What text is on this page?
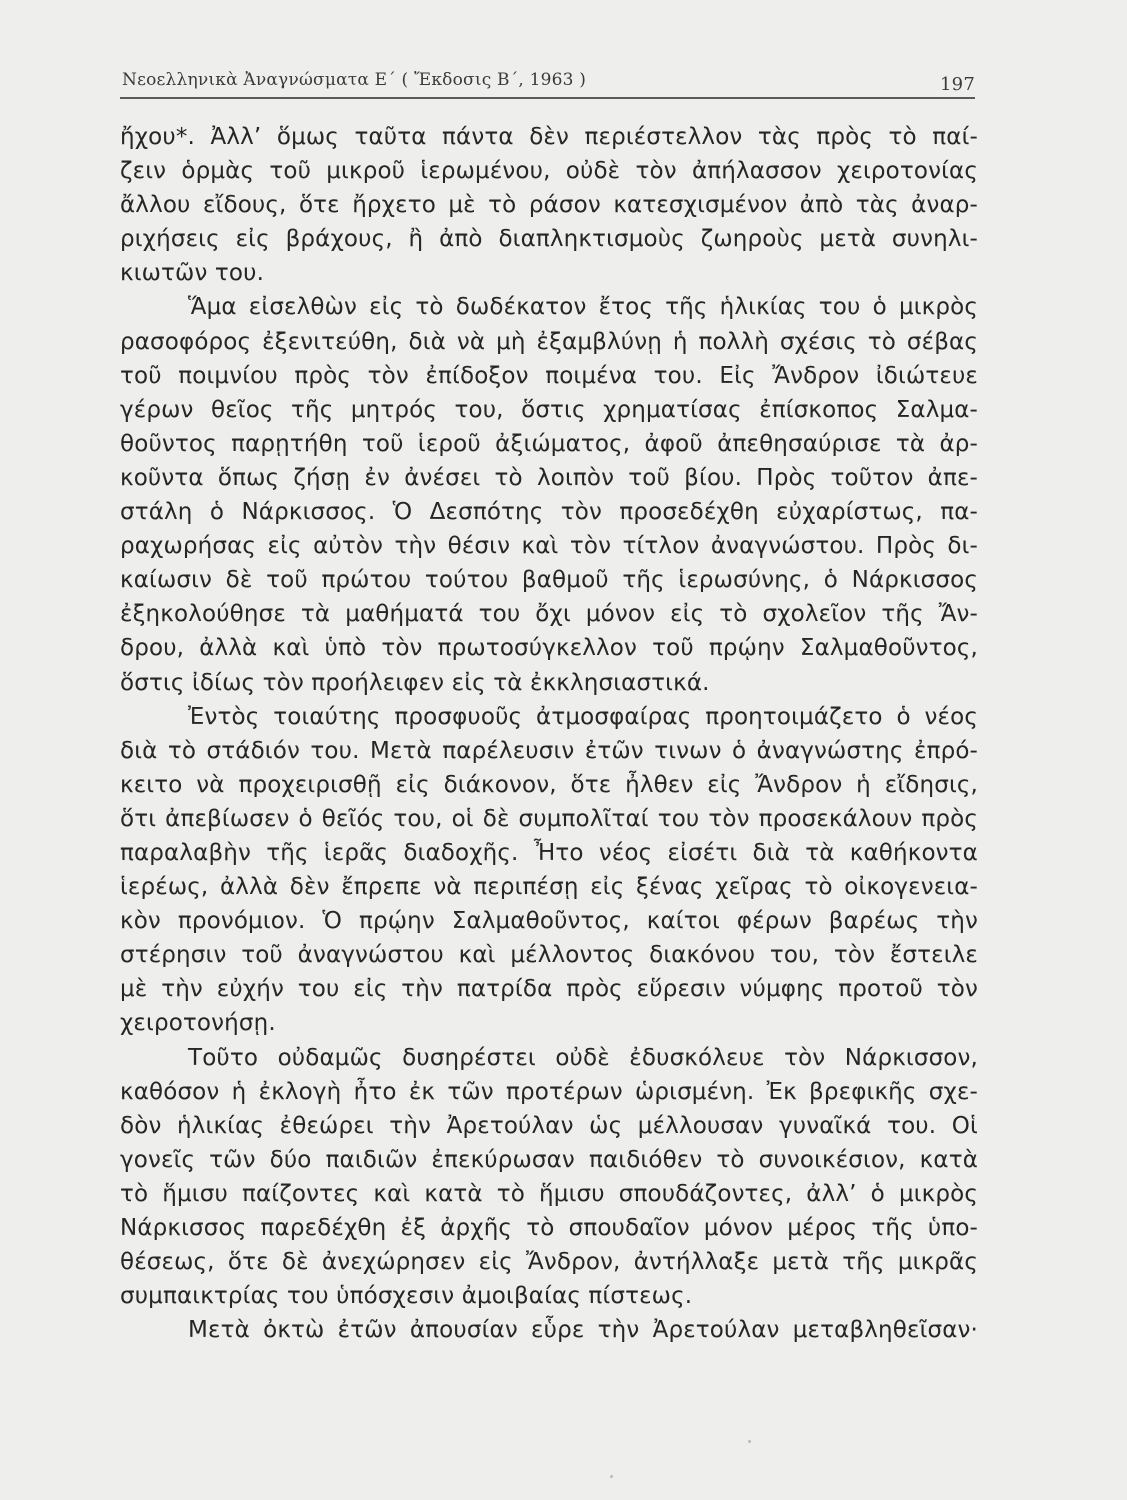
Νεοελληνικὰ Ἀναγνώσματα Ε΄ ( Ἔκδοσις Β΄, 1963 )	197
ἤχου*. Ἀλλ’ ὅμως ταῦτα πάντα δὲν περιέστελλον τὰς πρὸς τὸ παί-
ζειν ὁρμὰς τοῦ μικροῦ ἱερωμένου, οὐδὲ τὸν ἀπήλασσον χειροτονίας
ἄλλου εἴδους, ὅτε ἤρχετο μὲ τὸ ράσον κατεσχισμένον ἀπὸ τὰς ἀναρ-
ριχήσεις εἰς βράχους, ἢ ἀπὸ διαπληκτισμοὺς ζωηροὺς μετὰ συνηλι-
κιωτῶν του.
Ἅμα εἰσελθὼν εἰς τὸ δωδέκατον ἔτος τῆς ἡλικίας του ὁ μικρὸς
ρασοφόρος ἐξενιτεύθη, διὰ νὰ μὴ ἐξαμβλύνῃ ἡ πολλὴ σχέσις τὸ σέβας
τοῦ ποιμνίου πρὸς τὸν ἐπίδοξον ποιμένα του. Εἰς Ἄνδρον ἰδιώτευε
γέρων θεῖος τῆς μητρός του, ὅστις χρηματίσας ἐπίσκοπος Σαλμα-
θοῦντος παρῃτήθη τοῦ ἱεροῦ ἀξιώματος, ἀφοῦ ἀπεθησαύρισε τὰ ἀρ-
κοῦντα ὅπως ζήσῃ ἐν ἀνέσει τὸ λοιπὸν τοῦ βίου. Πρὸς τοῦτον ἀπε-
στάλη ὁ Νάρκισσος. Ὁ Δεσπότης τὸν προσεδέχθη εὐχαρίστως, πα-
ραχωρήσας εἰς αὐτὸν τὴν θέσιν καὶ τὸν τίτλον ἀναγνώστου. Πρὸς δι-
καίωσιν δὲ τοῦ πρώτου τούτου βαθμοῦ τῆς ἱερωσύνης, ὁ Νάρκισσος
ἐξηκολούθησε τὰ μαθήματά του ὄχι μόνον εἰς τὸ σχολεῖον τῆς Ἄν-
δρου, ἀλλὰ καὶ ὑπὸ τὸν πρωτοσύγκελλον τοῦ πρῴην Σαλμαθοῦντος,
ὅστις ἰδίως τὸν προήλειφεν εἰς τὰ ἐκκλησιαστικά.
Ἐντὸς τοιαύτης προσφυοῦς ἀτμοσφαίρας προητοιμάζετο ὁ νέος
διὰ τὸ στάδιόν του. Μετὰ παρέλευσιν ἐτῶν τινων ὁ ἀναγνώστης ἐπρό-
κειτο νὰ προχειρισθῇ εἰς διάκονον, ὅτε ἦλθεν εἰς Ἄνδρον ἡ εἴδησις,
ὅτι ἀπεβίωσεν ὁ θεῖός του, οἱ δὲ συμπολῖταί του τὸν προσεκάλουν πρὸς
παραλαβὴν τῆς ἱερᾶς διαδοχῆς. Ἦτο νέος εἰσέτι διὰ τὰ καθήκοντα
ἱερέως, ἀλλὰ δὲν ἔπρεπε νὰ περιπέσῃ εἰς ξένας χεῖρας τὸ οἰκογενεια-
κὸν προνόμιον. Ὁ πρῴην Σαλμαθοῦντος, καίτοι φέρων βαρέως τὴν
στέρησιν τοῦ ἀναγνώστου καὶ μέλλοντος διακόνου του, τὸν ἔστειλε
μὲ τὴν εὐχήν του εἰς τὴν πατρίδα πρὸς εὕρεσιν νύμφης προτοῦ τὸν
χειροτονήσῃ.
Τοῦτο οὐδαμῶς δυσηρέστει οὐδὲ ἐδυσκόλευε τὸν Νάρκισσον,
καθόσον ἡ ἐκλογὴ ἦτο ἐκ τῶν προτέρων ὡρισμένη. Ἐκ βρεφικῆς σχε-
δὸν ἡλικίας ἐθεώρει τὴν Ἀρετούλαν ὡς μέλλουσαν γυναῖκά του. Οἱ
γονεῖς τῶν δύο παιδιῶν ἐπεκύρωσαν παιδιόθεν τὸ συνοικέσιον, κατὰ
τὸ ἥμισυ παίζοντες καὶ κατὰ τὸ ἥμισυ σπουδάζοντες, ἀλλ’ ὁ μικρὸς
Νάρκισσος παρεδέχθη ἐξ ἀρχῆς τὸ σπουδαῖον μόνον μέρος τῆς ὑπο-
θέσεως, ὅτε δὲ ἀνεχώρησεν εἰς Ἄνδρον, ἀντήλλαξε μετὰ τῆς μικρᾶς
συμπαικτρίας του ὑπόσχεσιν ἀμοιβαίας πίστεως.
Μετὰ ὀκτὼ ἐτῶν ἀπουσίαν εὗρε τὴν Ἀρετούλαν μεταβληθεῖσαν·
